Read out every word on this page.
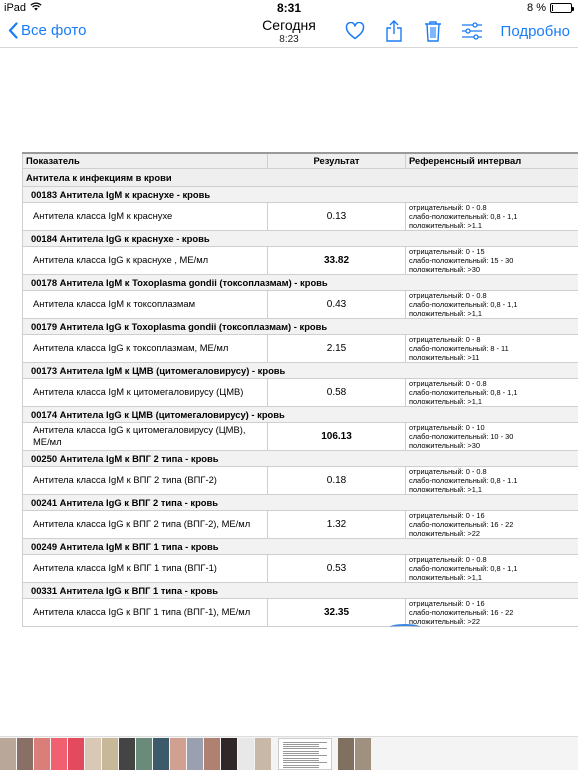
iPad	8:31	8 %
Все фото	Сегодня
8:23	Подробно
Показатель	Результат	Референсный интервал
Антитела к инфекциям в крови		
00183 Антитела IgM к краснухе - кровь		
Антитела класса IgM к краснухе	0.13	отрицательный: 0 - 0.8
слабо-положительный: 0,8 - 1,1
положительный: >1.1

00184 Антитела IgG к краснухе - кровь		
Антитела класса IgG к краснухе , МЕ/мл	33.82	отрицательный: 0 - 15
слабо-положительный: 15 - 30
положительный: >30

00178 Антитела IgM к Toxoplasma gondii (токсоплазмам) - кровь		
Антитела класса IgM к токсоплазмам	0.43	отрицательный: 0 - 0.8
слабо-положительный: 0,8 - 1,1
положительный: >1,1

00179 Антитела IgG к Toxoplasma gondii (токсоплазмам) - кровь		
Антитела класса IgG к токсоплазмам, МЕ/мл	2.15	отрицательный: 0 - 8
слабо-положительный: 8 - 11
положительный: >11

00173 Антитела IgM к ЦМВ (цитомегаловирусу) - кровь		
Антитела класса IgM к цитомегаловирусу (ЦМВ)	0.58	отрицательный: 0 - 0.8
слабо-положительный: 0,8 - 1,1
положительный: >1,1

00174 Антитела IgG к ЦМВ (цитомегаловирусу) - кровь		
Антитела класса IgG к цитомегаловирусу (ЦМВ), МЕ/мл	106.13	отрицательный: 0 - 10
слабо-положительный: 10 - 30
положительный: >30

00250 Антитела IgM к ВПГ 2 типа - кровь		
Антитела класса IgM к ВПГ 2 типа (ВПГ-2)	0.18	отрицательный: 0 - 0.8
слабо-положительный: 0,8 - 1.1
положительный: >1,1

00241 Антитела IgG к ВПГ 2 типа - кровь		
Антитела класса IgG к ВПГ 2 типа (ВПГ-2), МЕ/мл	1.32	отрицательный: 0 - 16
слабо-положительный: 16 - 22
положительный: >22

00249 Антитела IgM к ВПГ 1 типа - кровь		
Антитела класса IgM к ВПГ 1 типа (ВПГ-1)	0.53	отрицательный: 0 - 0.8
слабо-положительный: 0,8 - 1,1
положительный: >1,1

00331 Антитела IgG к ВПГ 1 типа - кровь		
Антитела класса IgG к ВПГ 1 типа (ВПГ-1), МЕ/мл	32.35	отрицательный: 0 - 16
слабо-положительный: 16 - 22
положительный: >22
